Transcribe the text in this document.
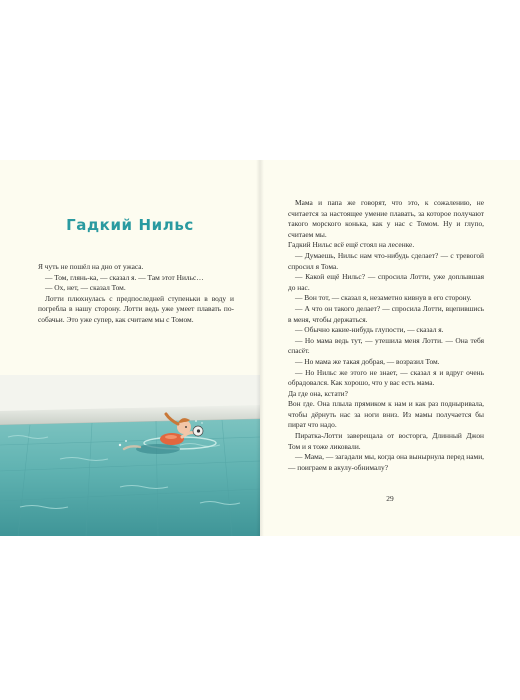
Гадкий Нильс

Я чуть не пошёл на дно от ужаса.

— Том, глянь-ка, — сказал я. — Там этот Нильс…

— Ох, нет, — сказал Том.

Лотти плюхнулась с предпоследней ступеньки в воду и погребла в нашу сторону. Лотти ведь уже умеет плавать по-собачьи. Это уже супер, как считаем мы с Томом.

Мама и папа же говорят, что это, к сожалению, не считается за настоящее умение плавать, за которое получают такого морского конька, как у нас с Томом. Ну и глупо, считаем мы.

Гадкий Нильс всё ещё стоял на лесенке.

— Думаешь, Нильс нам что-нибудь сделает? — с тревогой спросил я Тома.

— Какой ещё Нильс? — спросила Лотти, уже доплывшая до нас.

— Вон тот, — сказал я, незаметно кивнув в его сторону.

— А что он такого делает? — спросила Лотти, вцепившись в меня, чтобы держаться.

— Обычно какие-нибудь глупости, — сказал я.

— Но мама ведь тут, — утешила меня Лотти. — Она тебя спасёт.

— Но мама же такая добрая, — возразил Том.

— Но Нильс же этого не знает, — сказал я и вдруг очень обрадовался. Как хорошо, что у вас есть мама.

Да где она, кстати?

Вон где. Она плыла прямиком к нам и как раз подныривала, чтобы дёрнуть нас за ноги вниз. Из мамы получается бы пират что надо.

Пиратка-Лотти заверещала от восторга, Длинный Джон Том и я тоже ликовали.

— Мама, — загадали мы, когда она вынырнула перед нами, — поиграем в акулу-обнималу?

29
